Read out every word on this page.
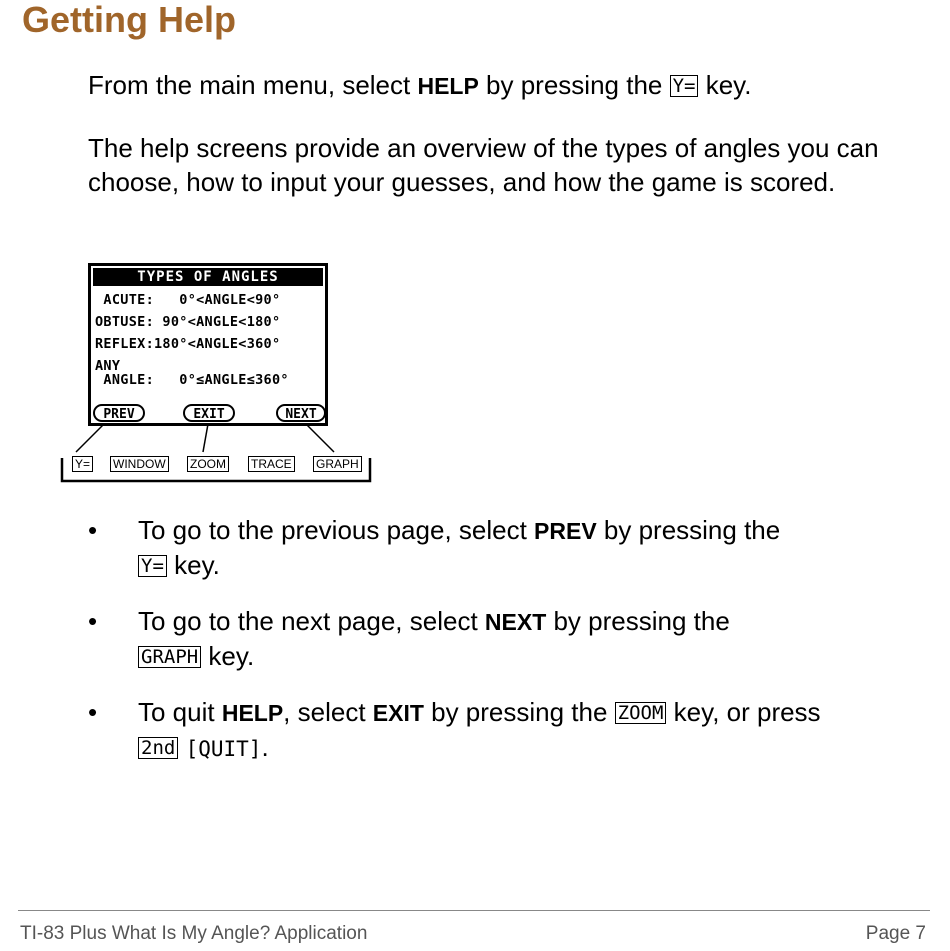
Getting Help
From the main menu, select HELP by pressing the Y= key.
The help screens provide an overview of the types of angles you can choose, how to input your guesses, and how the game is scored.
TYPES OF ANGLES
ACUTE:   0°<ANGLE<90°
OBTUSE: 90°<ANGLE<180°
REFLEX:180°<ANGLE<360°
ANY
ANGLE:   0°≤ANGLE≤360°
PREV	EXIT	NEXT
Y= WINDOW ZOOM TRACE GRAPH
• To go to the previous page, select PREV by pressing the
Y= key.
• To go to the next page, select NEXT by pressing the
GRAPH key.
• To quit HELP, select EXIT by pressing the ZOOM key, or press
2nd [QUIT].
TI-83 Plus What Is My Angle? Application	Page 7
